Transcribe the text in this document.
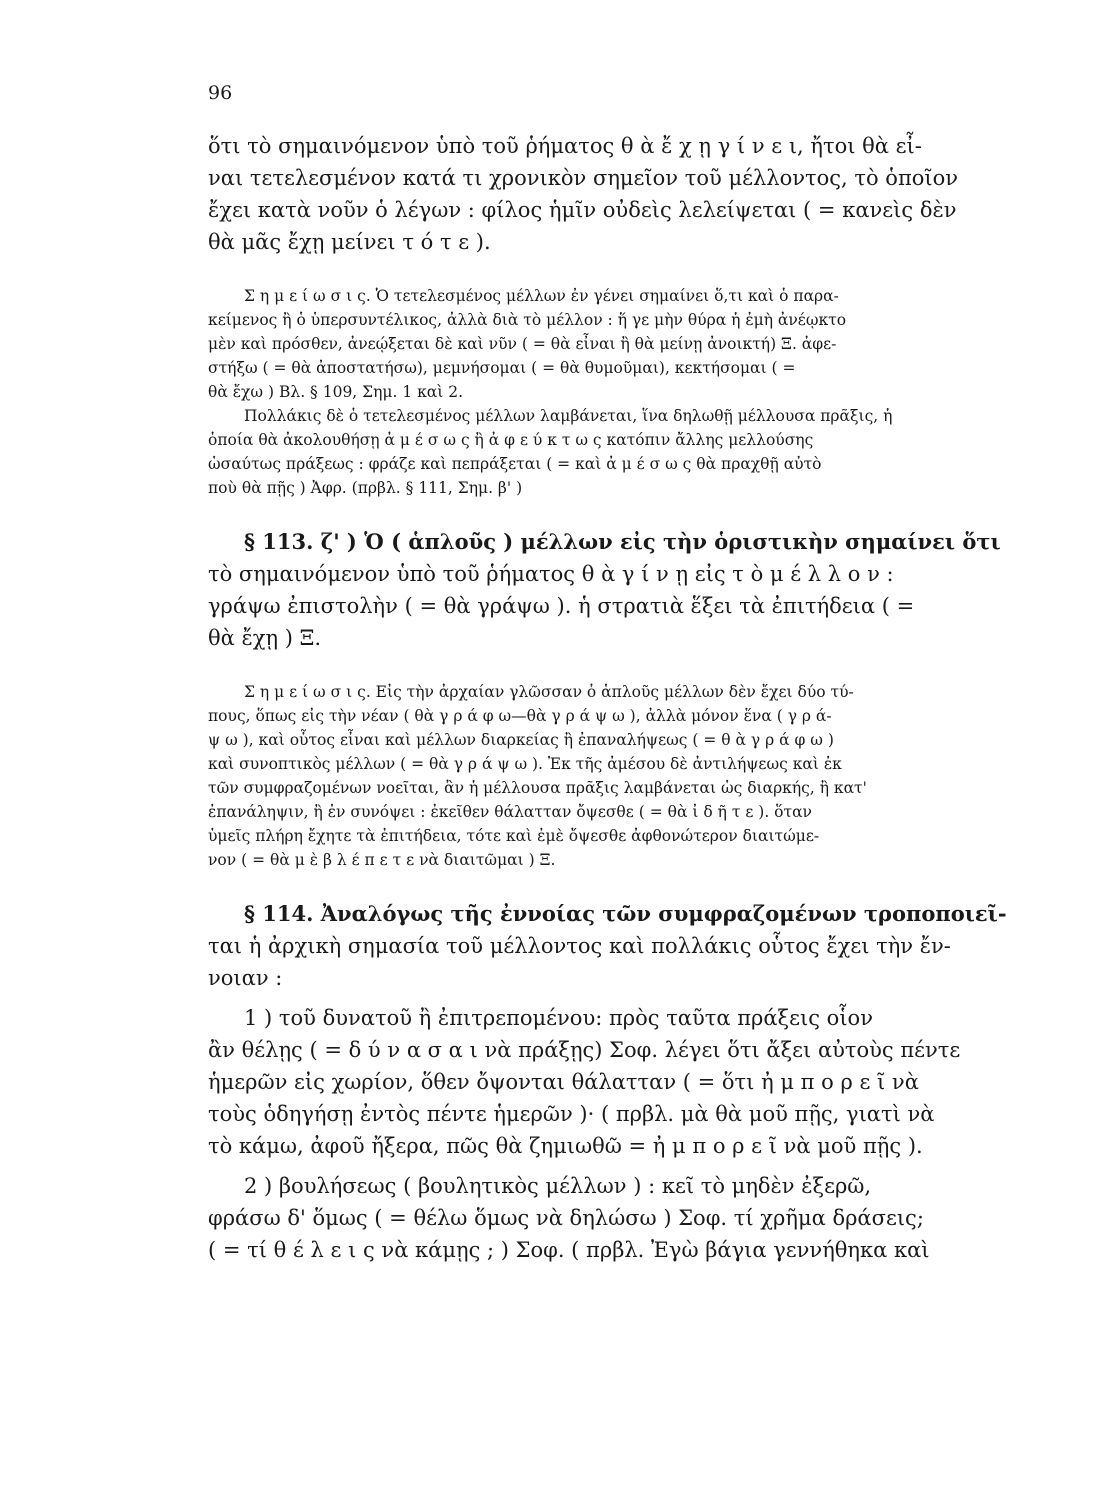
96
ὅτι τὸ σημαινόμενον ὑπὸ τοῦ ῥήματος θ ὰ ἔ χ ῃ γ ί ν ε ι, ἤτοι θὰ εἶ-
ναι τετελεσμένον κατά τι χρονικὸν σημεῖον τοῦ μέλλοντος, τὸ ὁποῖον
ἔχει κατὰ νοῦν ὁ λέγων : φίλος ἡμῖν οὐδεὶς λελείψεται ( = κανεὶς δὲν
θὰ μᾶς ἔχῃ μείνει τ ό τ ε ).
Σ η μ ε ί ω σ ι ς. Ὁ τετελεσμένος μέλλων ἐν γένει σημαίνει ὅ,τι καὶ ὁ παρα-
κείμενος ἢ ὁ ὑπερσυντέλικος, ἀλλὰ διὰ τὸ μέλλον : ἥ γε μὴν θύρα ἡ ἐμὴ ἀνέῳκτο
μὲν καὶ πρόσθεν, ἀνεῴξεται δὲ καὶ νῦν ( = θὰ εἶναι ἢ θὰ μείνῃ ἀνοικτή) Ξ. ἀφε-
στήξω ( = θὰ ἀποστατήσω), μεμνήσομαι ( = θὰ θυμοῦμαι), κεκτήσομαι ( =
θὰ ἔχω ) Βλ. § 109, Σημ. 1 καὶ 2.
Πολλάκις δὲ ὁ τετελεσμένος μέλλων λαμβάνεται, ἵνα δηλωθῇ μέλλουσα πρᾶξις, ἡ
ὁποία θὰ ἀκολουθήσῃ ἀ μ έ σ ω ς ἢ ἀ φ ε ύ κ τ ω ς κατόπιν ἄλλης μελλούσης
ὡσαύτως πράξεως : φράζε καὶ πεπράξεται ( = καὶ ἀ μ έ σ ω ς θὰ πραχθῇ αὐτὸ
ποὺ θὰ πῇς ) Ἀφρ. (πρβλ. § 111, Σημ. β' )
§ 113. ζ' ) Ὁ ( ἁπλοῦς ) μέλλων εἰς τὴν ὁριστικὴν σημαίνει ὅτι
τὸ σημαινόμενον ὑπὸ τοῦ ῥήματος θ ὰ γ ί ν ῃ εἰς τ ὸ μ έ λ λ ο ν :
γράψω ἐπιστολὴν ( = θὰ γράψω ). ἡ στρατιὰ ἕξει τὰ ἐπιτήδεια ( =
θὰ ἔχῃ ) Ξ.
Σ η μ ε ί ω σ ι ς. Εἰς τὴν ἀρχαίαν γλῶσσαν ὁ ἁπλοῦς μέλλων δὲν ἔχει δύο τύ-
πους, ὅπως εἰς τὴν νέαν ( θὰ γ ρ ά φ ω—θὰ γ ρ ά ψ ω ), ἀλλὰ μόνον ἕνα ( γ ρ ά-
ψ ω ), καὶ οὗτος εἶναι καὶ μέλλων διαρκείας ἢ ἐπαναλήψεως ( = θ ὰ γ ρ ά φ ω )
καὶ συνοπτικὸς μέλλων ( = θὰ γ ρ ά ψ ω ). Ἐκ τῆς ἀμέσου δὲ ἀντιλήψεως καὶ ἐκ
τῶν συμφραζομένων νοεῖται, ἂν ἡ μέλλουσα πρᾶξις λαμβάνεται ὡς διαρκής, ἢ κατ'
ἐπανάληψιν, ἢ ἐν συνόψει : ἐκεῖθεν θάλατταν ὄψεσθε ( = θὰ ἰ δ ῆ τ ε ). ὅταν
ὑμεῖς πλήρη ἔχητε τὰ ἐπιτήδεια, τότε καὶ ἐμὲ ὄψεσθε ἀφθονώτερον διαιτώμε-
νον ( = θὰ μ ὲ β λ έ π ε τ ε νὰ διαιτῶμαι ) Ξ.
§ 114. Ἀναλόγως τῆς ἐννοίας τῶν συμφραζομένων τροποποιεῖ-
ται ἡ ἀρχικὴ σημασία τοῦ μέλλοντος καὶ πολλάκις οὗτος ἔχει τὴν ἔν-
νοιαν :
1 ) τοῦ δυνατοῦ ἢ ἐπιτρεπομένου: πρὸς ταῦτα πράξεις οἷον
ἂν θέλῃς ( = δ ύ ν α σ α ι νὰ πράξῃς) Σοφ. λέγει ὅτι ἄξει αὐτοὺς πέντε
ἡμερῶν εἰς χωρίον, ὅθεν ὄψονται θάλατταν ( = ὅτι ἠ μ π ο ρ ε ῖ νὰ
τοὺς ὁδηγήσῃ ἐντὸς πέντε ἡμερῶν )· ( πρβλ. μὰ θὰ μοῦ πῇς, γιατὶ νὰ
τὸ κάμω, ἀφοῦ ἤξερα, πῶς θὰ ζημιωθῶ = ἠ μ π ο ρ ε ῖ νὰ μοῦ πῇς ).
2 ) βουλήσεως ( βουλητικὸς μέλλων ) : κεῖ τὸ μηδὲν ἐξερῶ,
φράσω δ' ὅμως ( = θέλω ὅμως νὰ δηλώσω ) Σοφ. τί χρῆμα δράσεις;
( = τί θ έ λ ε ι ς νὰ κάμῃς ; ) Σοφ. ( πρβλ. Ἐγὼ βάγια γεννήθηκα καὶ
